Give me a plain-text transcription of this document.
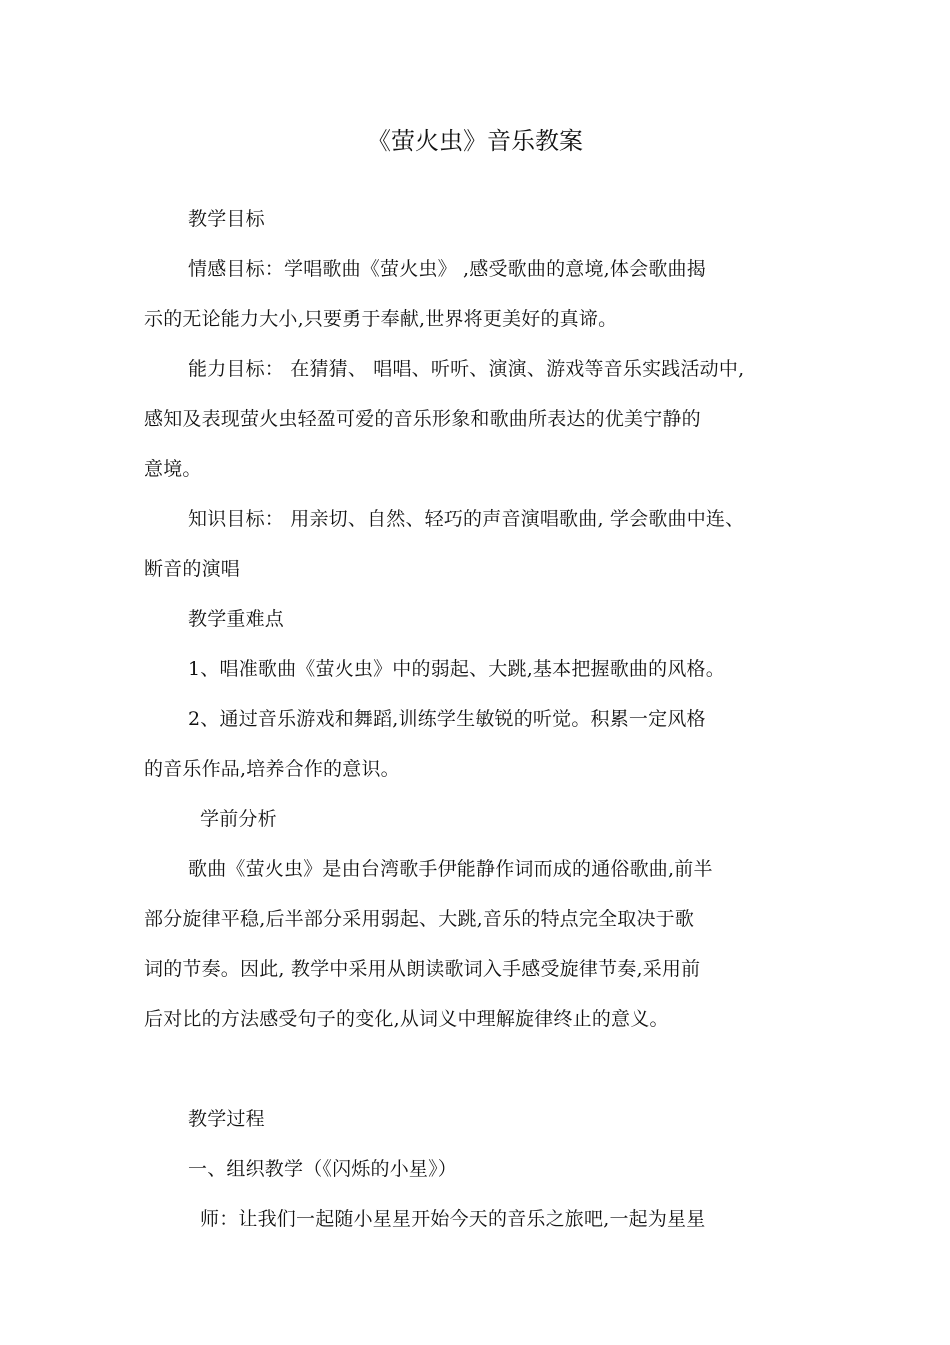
《萤火虫》音乐教案
教学目标
情感目标：学唱歌曲《萤火虫》 ,感受歌曲的意境,体会歌曲揭
示的无论能力大小,只要勇于奉献,世界将更美好的真谛。
能力目标： 在猜猜、 唱唱、听听、演演、游戏等音乐实践活动中,
感知及表现萤火虫轻盈可爱的音乐形象和歌曲所表达的优美宁静的
意境。
知识目标： 用亲切、自然、轻巧的声音演唱歌曲, 学会歌曲中连、
断音的演唱
教学重难点
1、唱准歌曲《萤火虫》中的弱起、大跳,基本把握歌曲的风格。
2、通过音乐游戏和舞蹈,训练学生敏锐的听觉。积累一定风格
的音乐作品,培养合作的意识。
学前分析
歌曲《萤火虫》是由台湾歌手伊能静作词而成的通俗歌曲,前半
部分旋律平稳,后半部分采用弱起、大跳,音乐的特点完全取决于歌
词的节奏。因此, 教学中采用从朗读歌词入手感受旋律节奏,采用前
后对比的方法感受句子的变化,从词义中理解旋律终止的意义。
教学过程
一、组织教学（《闪烁的小星》）
师：让我们一起随小星星开始今天的音乐之旅吧,一起为星星
